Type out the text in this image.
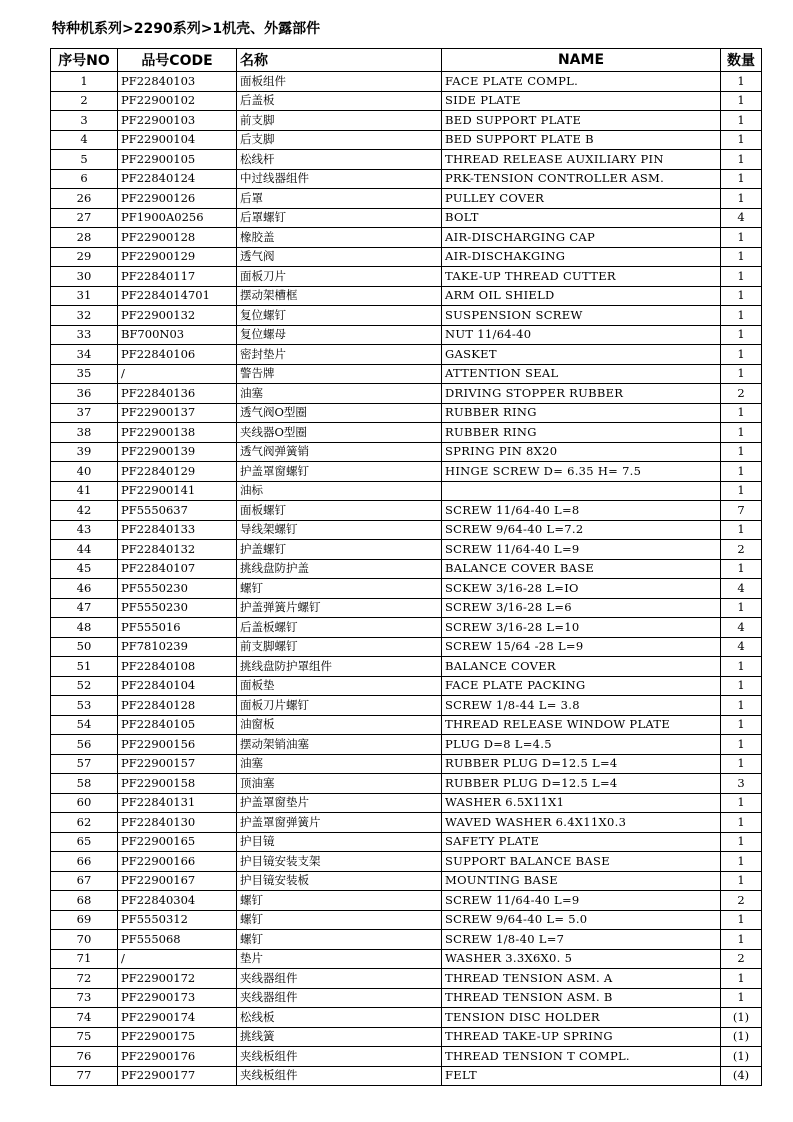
特种机系列>2290系列>1机壳、外露部件
序号NO	品号CODE	名称	NAME	数量
1	PF22840103	面板组件	FACE PLATE COMPL.	1
2	PF22900102	后盖板	SIDE PLATE	1
3	PF22900103	前支脚	BED SUPPORT PLATE	1
4	PF22900104	后支脚	BED SUPPORT PLATE B	1
5	PF22900105	松线杆	THREAD RELEASE AUXILIARY PIN	1
6	PF22840124	中过线器组件	PRK-TENSION CONTROLLER ASM.	1
26	PF22900126	后罩	PULLEY COVER	1
27	PF1900A0256	后罩螺钉	BOLT	4
28	PF22900128	橡胶盖	AIR-DISCHARGING CAP	1
29	PF22900129	透气阀	AIR-DISCHAKGING	1
30	PF22840117	面板刀片	TAKE-UP THREAD CUTTER	1
31	PF2284014701	摆动架槽框	ARM OIL SHIELD	1
32	PF22900132	复位螺钉	SUSPENSION SCREW	1
33	BF700N03	复位螺母	NUT 11/64-40	1
34	PF22840106	密封垫片	GASKET	1
35	/	警告牌	ATTENTION SEAL	1
36	PF22840136	油塞	DRIVING STOPPER RUBBER	2
37	PF22900137	透气阀O型圈	RUBBER RING	1
38	PF22900138	夹线器O型圈	RUBBER RING	1
39	PF22900139	透气阀弹簧销	SPRING PIN 8X20	1
40	PF22840129	护盖罩窗螺钉	HINGE SCREW D= 6.35 H= 7.5	1
41	PF22900141	油标		1
42	PF5550637	面板螺钉	SCREW 11/64-40 L=8	7
43	PF22840133	导线架螺钉	SCREW 9/64-40 L=7.2	1
44	PF22840132	护盖螺钉	SCREW 11/64-40 L=9	2
45	PF22840107	挑线盘防护盖	BALANCE COVER BASE	1
46	PF5550230	螺钉	SCKEW 3/16-28 L=IO	4
47	PF5550230	护盖弹簧片螺钉	SCREW 3/16-28 L=6	1
48	PF555016	后盖板螺钉	SCREW 3/16-28 L=10	4
50	PF7810239	前支脚螺钉	SCREW 15/64 -28 L=9	4
51	PF22840108	挑线盘防护罩组件	BALANCE COVER	1
52	PF22840104	面板垫	FACE PLATE PACKING	1
53	PF22840128	面板刀片螺钉	SCREW 1/8-44 L= 3.8	1
54	PF22840105	油窗板	THREAD RELEASE WINDOW PLATE	1
56	PF22900156	摆动架销油塞	PLUG D=8 L=4.5	1
57	PF22900157	油塞	RUBBER PLUG D=12.5 L=4	1
58	PF22900158	顶油塞	RUBBER PLUG D=12.5 L=4	3
60	PF22840131	护盖罩窗垫片	WASHER 6.5X11X1	1
62	PF22840130	护盖罩窗弹簧片	WAVED WASHER 6.4X11X0.3	1
65	PF22900165	护目镜	SAFETY PLATE	1
66	PF22900166	护目镜安装支架	SUPPORT BALANCE BASE	1
67	PF22900167	护目镜安装板	MOUNTING BASE	1
68	PF22840304	螺钉	SCREW 11/64-40 L=9	2
69	PF5550312	螺钉	SCREW 9/64-40 L= 5.0	1
70	PF555068	螺钉	SCREW 1/8-40 L=7	1
71	/	垫片	WASHER 3.3X6X0. 5	2
72	PF22900172	夹线器组件	THREAD TENSION ASM. A	1
73	PF22900173	夹线器组件	THREAD TENSION ASM. B	1
74	PF22900174	松线板	TENSION DISC HOLDER	(1)
75	PF22900175	挑线簧	THREAD TAKE-UP SPRING	(1)
76	PF22900176	夹线板组件	THREAD TENSION T COMPL.	(1)
77	PF22900177	夹线板组件	FELT	(4)
